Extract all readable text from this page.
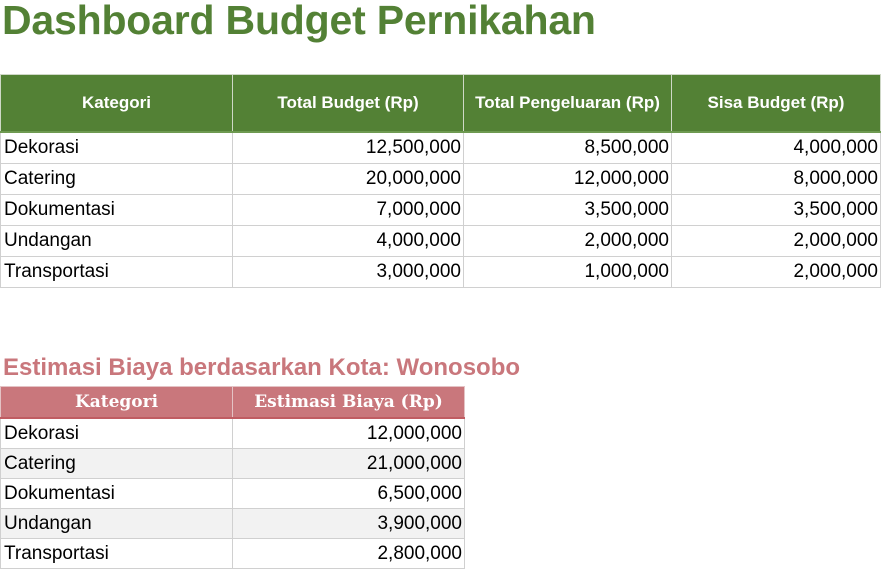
Dashboard Budget Pernikahan
Kategori	Total Budget (Rp)	Total Pengeluaran (Rp)	Sisa Budget (Rp)
Dekorasi	12,500,000	8,500,000	4,000,000
Catering	20,000,000	12,000,000	8,000,000
Dokumentasi	7,000,000	3,500,000	3,500,000
Undangan	4,000,000	2,000,000	2,000,000
Transportasi	3,000,000	1,000,000	2,000,000
Estimasi Biaya berdasarkan Kota: Wonosobo
Kategori	Estimasi Biaya (Rp)
Dekorasi	12,000,000
Catering	21,000,000
Dokumentasi	6,500,000
Undangan	3,900,000
Transportasi	2,800,000
